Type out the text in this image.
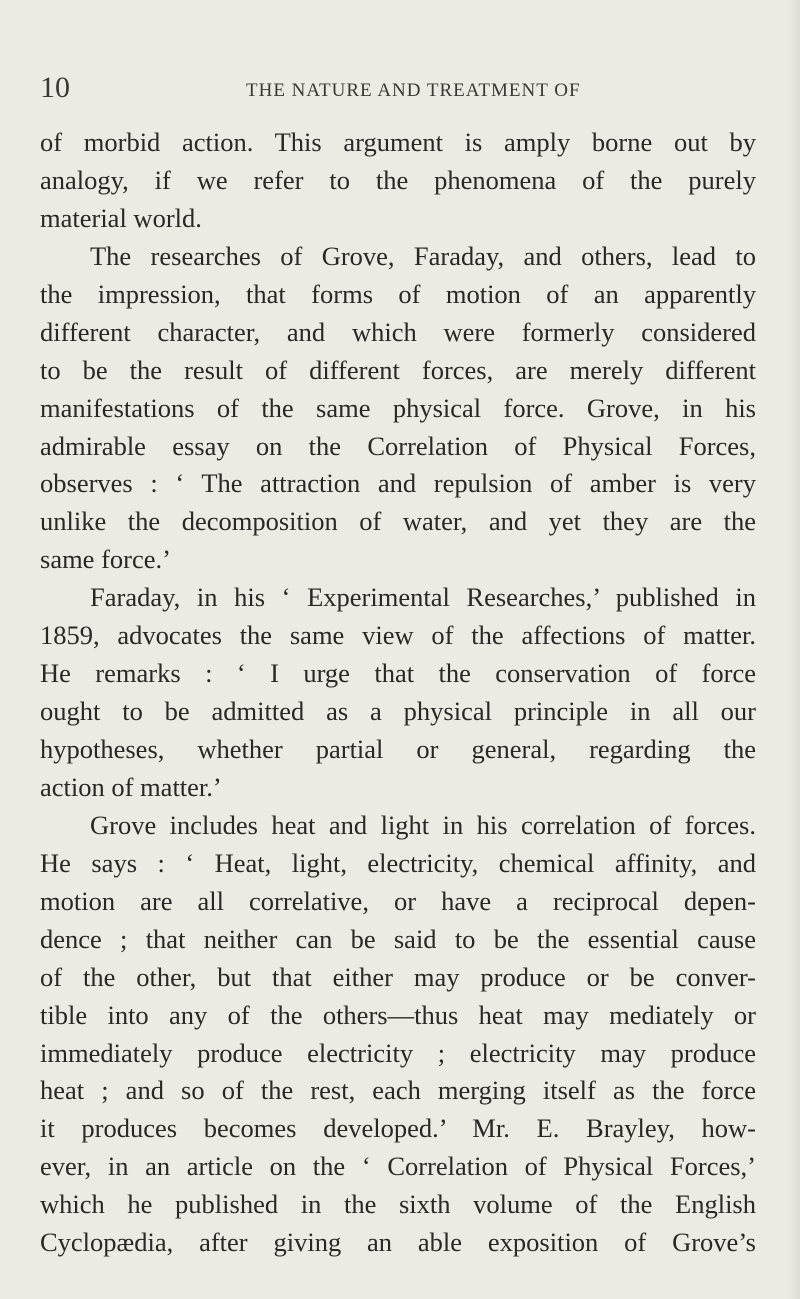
10	THE NATURE AND TREATMENT OF
of morbid action. This argument is amply borne out by
analogy, if we refer to the phenomena of the purely
material world.
The researches of Grove, Faraday, and others, lead to
the impression, that forms of motion of an apparently
different character, and which were formerly considered
to be the result of different forces, are merely different
manifestations of the same physical force. Grove, in his
admirable essay on the Correlation of Physical Forces,
observes : ‘ The attraction and repulsion of amber is very
unlike the decomposition of water, and yet they are the
same force.’
Faraday, in his ‘ Experimental Researches,’ published in
1859, advocates the same view of the affections of matter.
He remarks : ‘ I urge that the conservation of force
ought to be admitted as a physical principle in all our
hypotheses, whether partial or general, regarding the
action of matter.’
Grove includes heat and light in his correlation of forces.
He says : ‘ Heat, light, electricity, chemical affinity, and
motion are all correlative, or have a reciprocal depen-
dence ; that neither can be said to be the essential cause
of the other, but that either may produce or be conver-
tible into any of the others—thus heat may mediately or
immediately produce electricity ; electricity may produce
heat ; and so of the rest, each merging itself as the force
it produces becomes developed.’ Mr. E. Brayley, how-
ever, in an article on the ‘ Correlation of Physical Forces,’
which he published in the sixth volume of the English
Cyclopædia, after giving an able exposition of Grove’s
